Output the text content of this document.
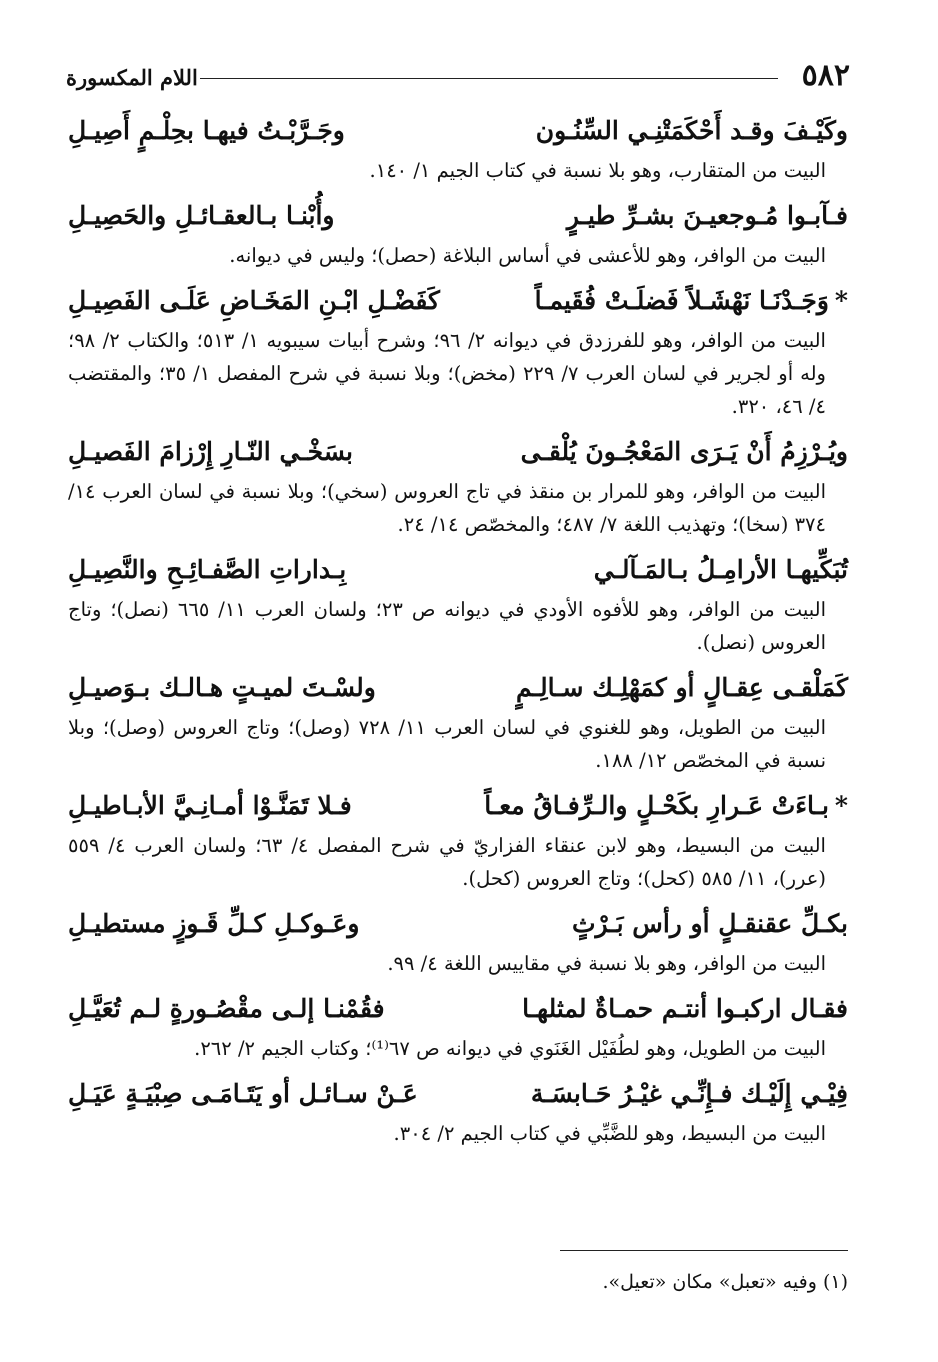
٥٨٢
اللام المكسورة
وكَيْـفَ وقـد أَحْكَمَتْنِـي السِّنُـون
وجَـرَّبْـتُ فيهـا بحِلْـمٍ أَصِيـلِ
البيت من المتقارب، وهو بلا نسبة في كتاب الجيم ١/ ١٤٠.
فـآبـوا مُـوجعيـنَ بشـرِّ طيـرٍ
وأُبْنـا بـالعقـائـلِ والحَصِيـلِ
البيت من الوافر، وهو للأعشى في أساس البلاغة (حصل)؛ وليس في ديوانه.
*
وَجَـدْنَـا نَهْشَـلاً فَضلَـتْ فُقَيمـاً
كَفَضْـلِ ابْـنِ المَخَـاضِ عَلَـى الفَصِيـلِ
البيت من الوافر، وهو للفرزدق في ديوانه ٢/ ٩٦؛ وشرح أبيات سيبويه ١/ ٥١٣؛ والكتاب ٢/ ٩٨؛ وله أو لجرير في لسان العرب ٧/ ٢٢٩ (مخض)؛ وبلا نسبة في شرح المفصل ١/ ٣٥؛ والمقتضب ٤/ ٤٦، ٣٢٠.
ويُـرْزِمُ أَنْ يَـرَى المَعْجُـونَ يُلْقـى
بسَخْـي النّـارِ إِرْزامَ الفَصيـلِ
البيت من الوافر، وهو للمرار بن منقذ في تاج العروس (سخي)؛ وبلا نسبة في لسان العرب ١٤/ ٣٧٤ (سخا)؛ وتهذيب اللغة ٧/ ٤٨٧؛ والمخصّص ١٤/ ٢٤.
تُبَكِّيهـا الأرامِـلُ بـالمَـآلـي
بِـداراتِ الصَّفـائِـحِ والنَّصِيـلِ
البيت من الوافر، وهو للأفوه الأودي في ديوانه ص ٢٣؛ ولسان العرب ١١/ ٦٦٥ (نصل)؛ وتاج العروس (نصل).
كَمَلْقـى عِقـالٍ أو كمَهْلِـك سـالِـمٍ
ولسْـتَ لميـتٍ هـالـك بـوَصيـلِ
البيت من الطويل، وهو للغنوي في لسان العرب ١١/ ٧٢٨ (وصل)؛ وتاج العروس (وصل)؛ وبلا نسبة في المخصّص ١٢/ ١٨٨.
*
بـاءَتْ عَـرارِ بكَحْـلٍ والـرِّفـاقُ معـاً
فـلا تَمَنَّـوْا أمـانِـيَّ الأبـاطيـلِ
البيت من البسيط، وهو لابن عنقاء الفزاريّ في شرح المفصل ٤/ ٦٣؛ ولسان العرب ٤/ ٥٥٩ (عرر)، ١١/ ٥٨٥ (كحل)؛ وتاج العروس (كحل).
بكـلِّ عقنقـلٍ أو رأس بَـرْثٍ
وعَـوكـلِ كـلِّ قَـوزٍ مستطيـلِ
البيت من الوافر، وهو بلا نسبة في مقاييس اللغة ٤/ ٩٩.
فقـال اركبـوا أنتـم حمـاةٌ لمثلهـا
فقُمْنـا إلـى مقْصُـورةٍ لـم تُعَيَّـلِ
البيت من الطويل، وهو لطُفَيْل الغَنَوي في ديوانه ص ٦٧⁽¹⁾؛ وكتاب الجيم ٢/ ٢٦٢.
فِيْـي إِلَيْـك فـإِنِّـي غيْـرُ حَـابسَـة
عَـنْ سـائـل أو يَتَـامَـى صِبْيَـةٍ عَيَـلِ
البيت من البسيط، وهو للضَّبِّي في كتاب الجيم ٢/ ٣٠٤.
(١) وفيه «تعبل» مكان «تعيل».
